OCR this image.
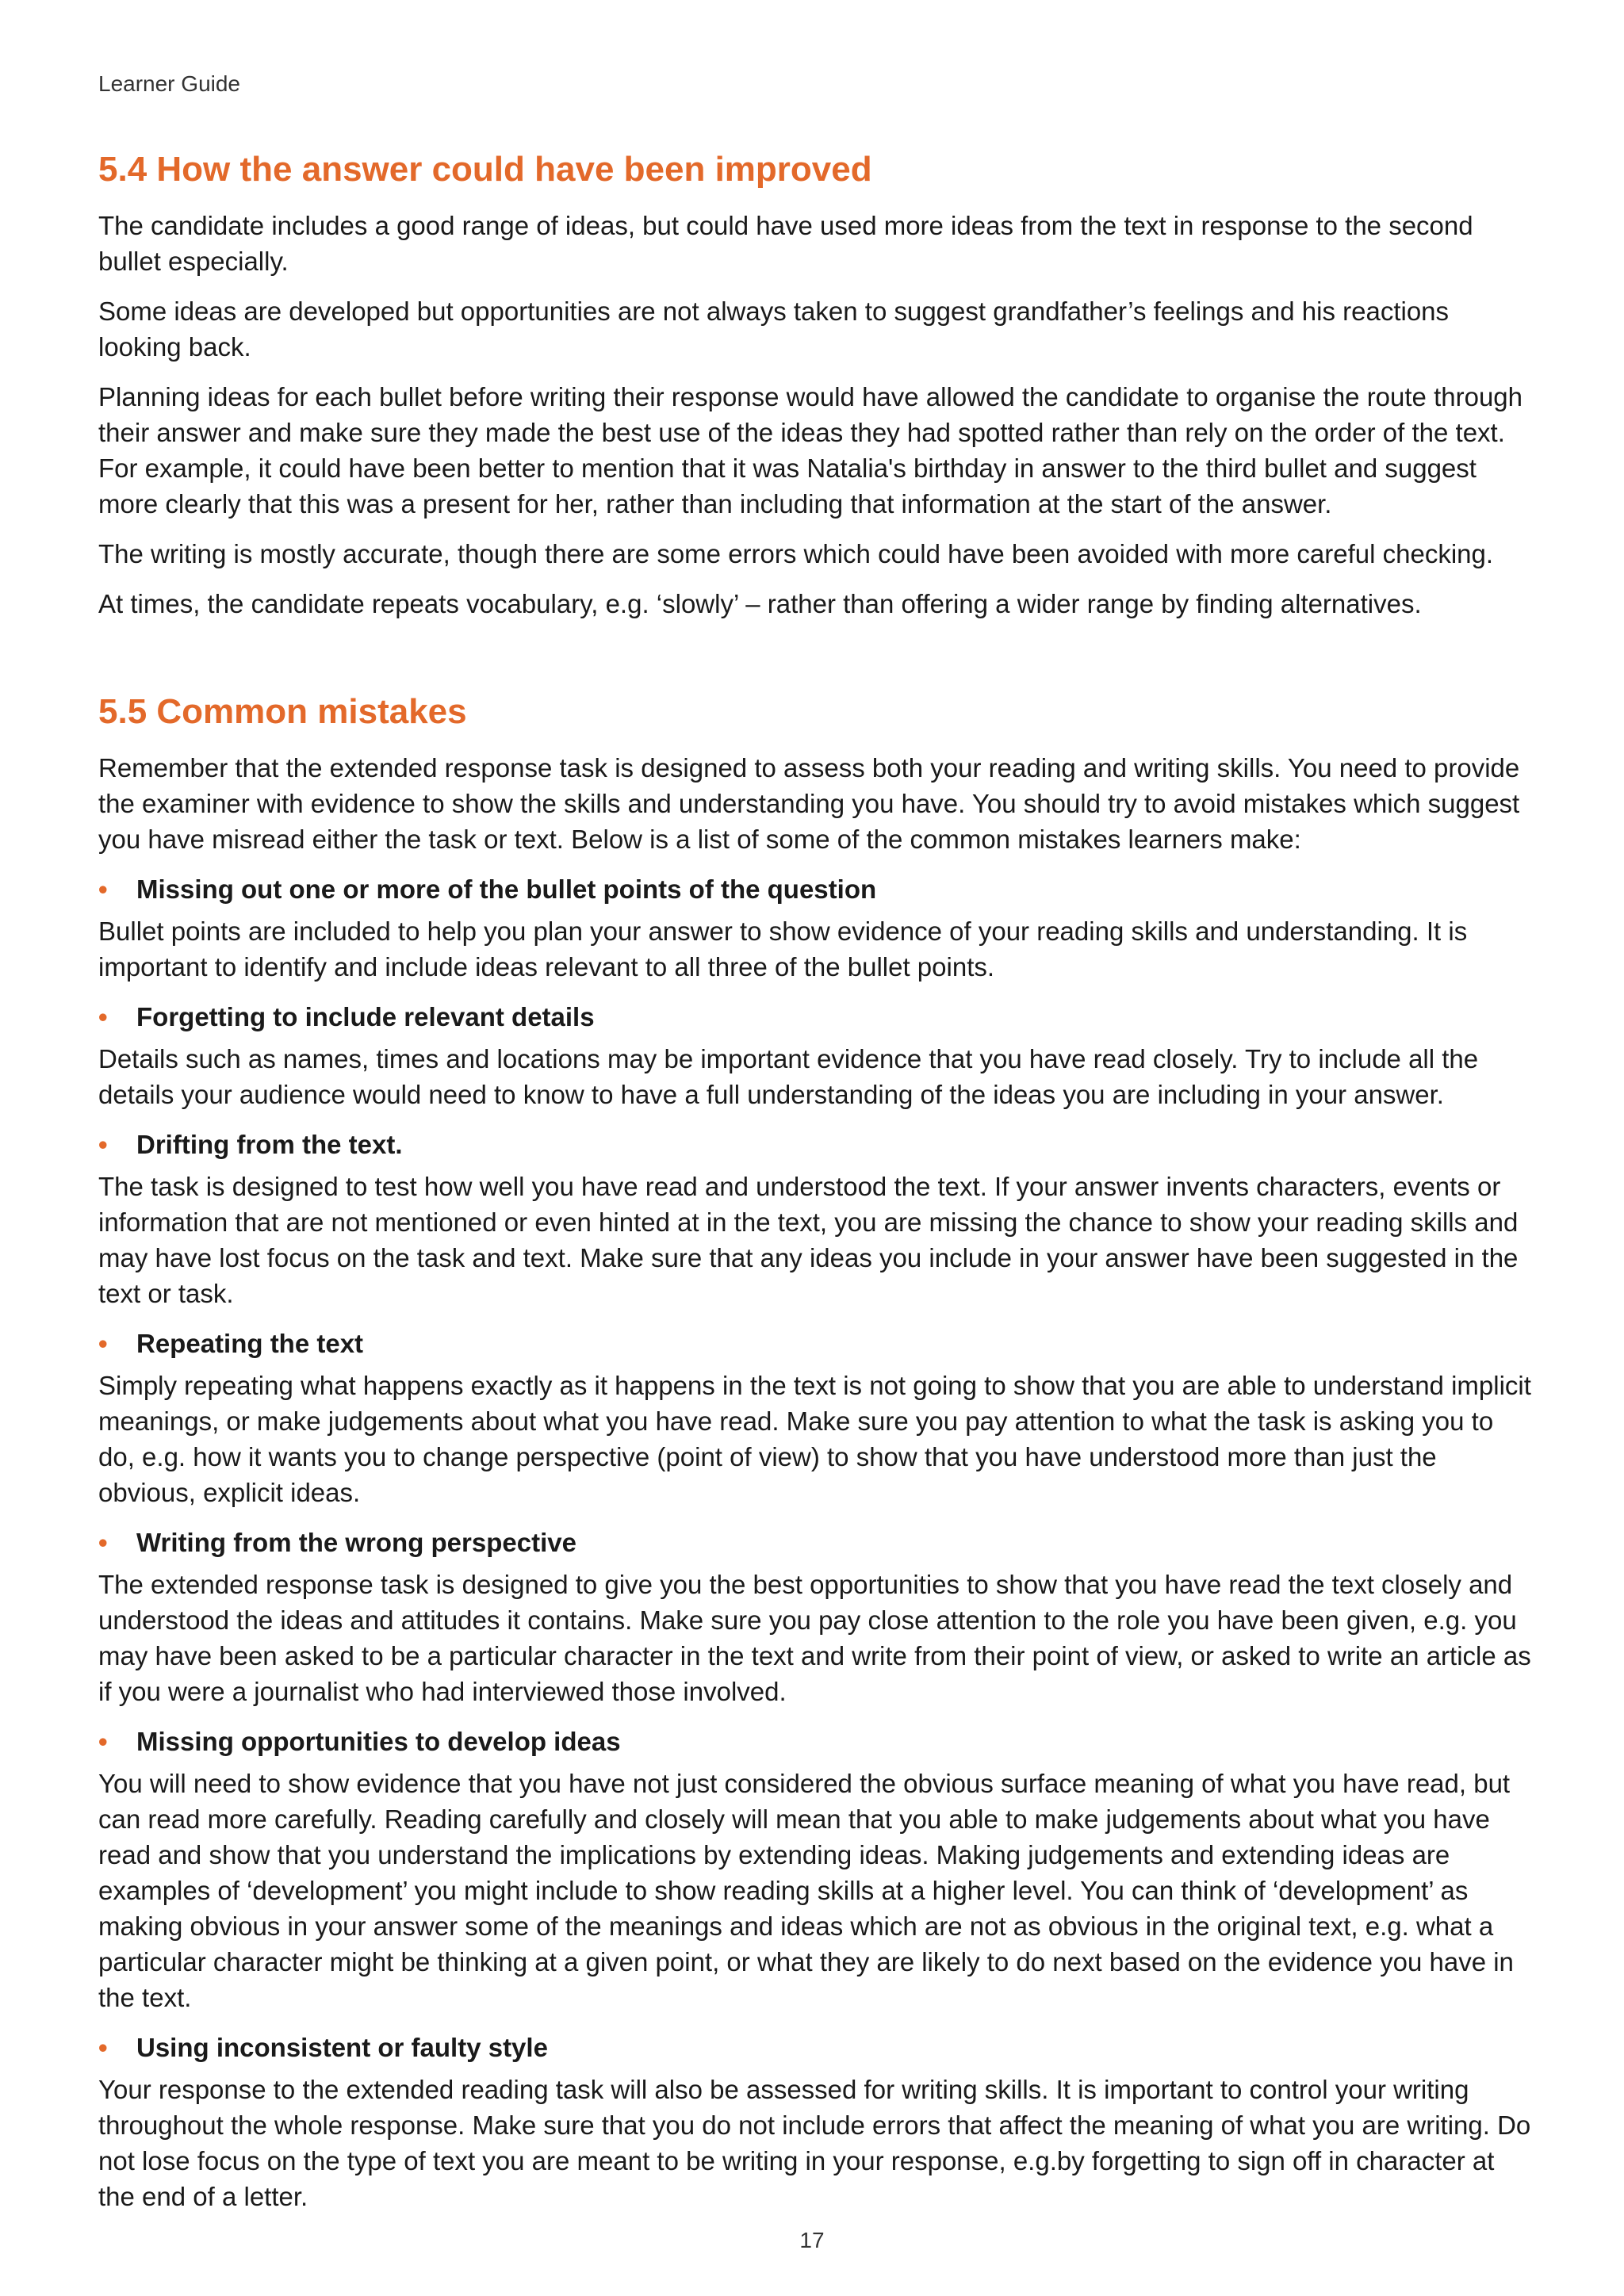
Learner Guide
5.4 How the answer could have been improved

The candidate includes a good range of ideas, but could have used more ideas from the text in response to the second bullet especially.

Some ideas are developed but opportunities are not always taken to suggest grandfather’s feelings and his reactions looking back.

Planning ideas for each bullet before writing their response would have allowed the candidate to organise the route through their answer and make sure they made the best use of the ideas they had spotted rather than rely on the order of the text. For example, it could have been better to mention that it was Natalia's birthday in answer to the third bullet and suggest more clearly that this was a present for her, rather than including that information at the start of the answer.

The writing is mostly accurate, though there are some errors which could have been avoided with more careful checking.

At times, the candidate repeats vocabulary, e.g. ‘slowly’ – rather than offering a wider range by finding alternatives.

5.5 Common mistakes

Remember that the extended response task is designed to assess both your reading and writing skills. You need to provide the examiner with evidence to show the skills and understanding you have. You should try to avoid mistakes which suggest you have misread either the task or text. Below is a list of some of the common mistakes learners make:

•	Missing out one or more of the bullet points of the question

Bullet points are included to help you plan your answer to show evidence of your reading skills and understanding. It is important to identify and include ideas relevant to all three of the bullet points.

•	Forgetting to include relevant details

Details such as names, times and locations may be important evidence that you have read closely. Try to include all the details your audience would need to know to have a full understanding of the ideas you are including in your answer.

•	Drifting from the text.

The task is designed to test how well you have read and understood the text. If your answer invents characters, events or information that are not mentioned or even hinted at in the text, you are missing the chance to show your reading skills and may have lost focus on the task and text. Make sure that any ideas you include in your answer have been suggested in the text or task.

•	Repeating the text

Simply repeating what happens exactly as it happens in the text is not going to show that you are able to understand implicit meanings, or make judgements about what you have read. Make sure you pay attention to what the task is asking you to do, e.g. how it wants you to change perspective (point of view) to show that you have understood more than just the obvious, explicit ideas.

•	Writing from the wrong perspective

The extended response task is designed to give you the best opportunities to show that you have read the text closely and understood the ideas and attitudes it contains. Make sure you pay close attention to the role you have been given, e.g. you may have been asked to be a particular character in the text and write from their point of view, or asked to write an article as if you were a journalist who had interviewed those involved.

•	Missing opportunities to develop ideas

You will need to show evidence that you have not just considered the obvious surface meaning of what you have read, but can read more carefully. Reading carefully and closely will mean that you able to make judgements about what you have read and show that you understand the implications by extending ideas. Making judgements and extending ideas are examples of ‘development’ you might include to show reading skills at a higher level. You can think of ‘development’ as making obvious in your answer some of the meanings and ideas which are not as obvious in the original text, e.g. what a particular character might be thinking at a given point, or what they are likely to do next based on the evidence you have in the text.

•	Using inconsistent or faulty style

Your response to the extended reading task will also be assessed for writing skills. It is important to control your writing throughout the whole response. Make sure that you do not include errors that affect the meaning of what you are writing. Do not lose focus on the type of text you are meant to be writing in your response, e.g.by forgetting to sign off in character at the end of a letter.

17
